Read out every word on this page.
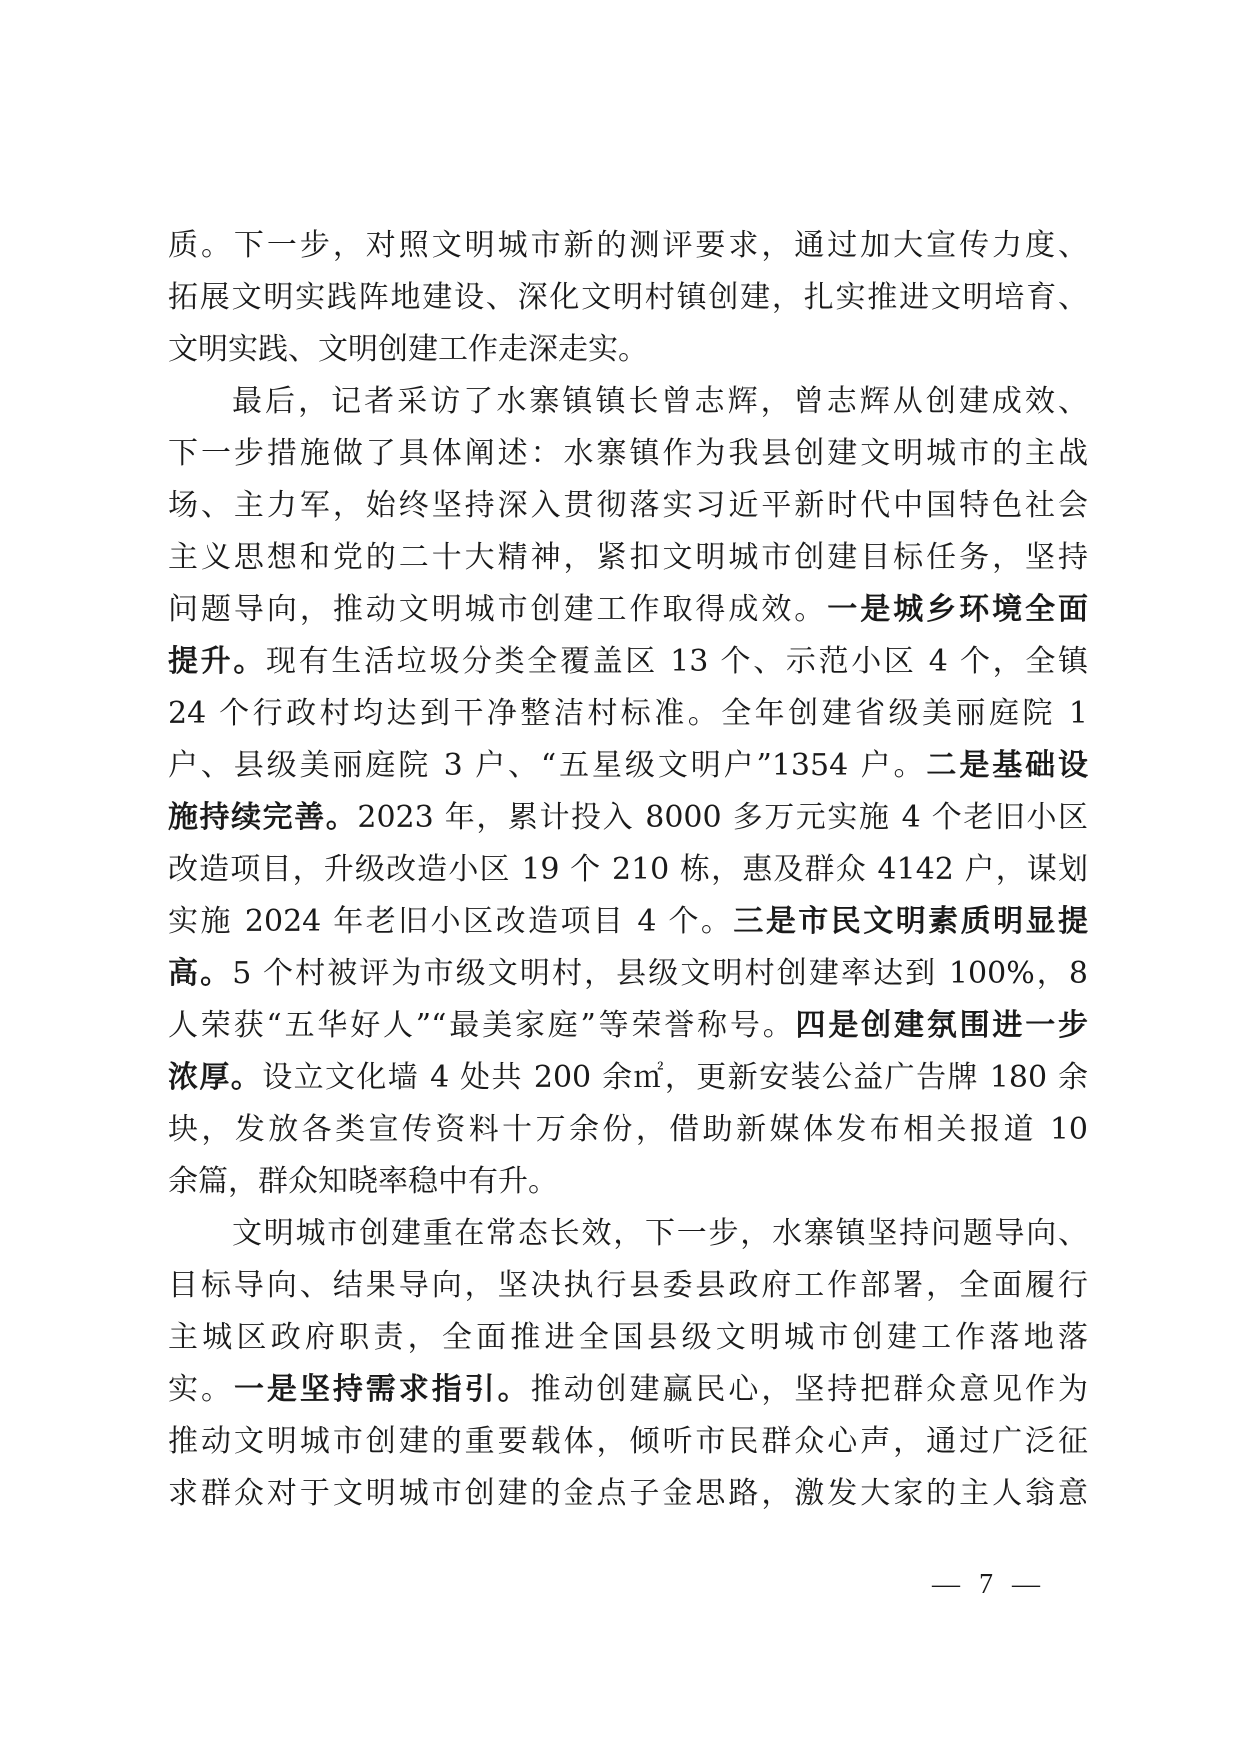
质。下一步，对照文明城市新的测评要求，通过加大宣传力度、
拓展文明实践阵地建设、深化文明村镇创建，扎实推进文明培育、
文明实践、文明创建工作走深走实。
最后，记者采访了水寨镇镇长曾志辉，曾志辉从创建成效、
下一步措施做了具体阐述：水寨镇作为我县创建文明城市的主战
场、主力军，始终坚持深入贯彻落实习近平新时代中国特色社会
主义思想和党的二十大精神，紧扣文明城市创建目标任务，坚持
问题导向，推动文明城市创建工作取得成效。一是城乡环境全面
提升。现有生活垃圾分类全覆盖区 13 个、示范小区 4 个，全镇
24 个行政村均达到干净整洁村标准。全年创建省级美丽庭院 1
户、县级美丽庭院 3 户、“五星级文明户”1354 户。二是基础设
施持续完善。2023 年，累计投入 8000 多万元实施 4 个老旧小区
改造项目，升级改造小区 19 个 210 栋，惠及群众 4142 户，谋划
实施 2024 年老旧小区改造项目 4 个。三是市民文明素质明显提
高。5 个村被评为市级文明村，县级文明村创建率达到 100%，8
人荣获“五华好人”“最美家庭”等荣誉称号。四是创建氛围进一步
浓厚。设立文化墙 4 处共 200 余㎡，更新安装公益广告牌 180 余
块，发放各类宣传资料十万余份，借助新媒体发布相关报道 10
余篇，群众知晓率稳中有升。
文明城市创建重在常态长效，下一步，水寨镇坚持问题导向、
目标导向、结果导向，坚决执行县委县政府工作部署，全面履行
主城区政府职责，全面推进全国县级文明城市创建工作落地落
实。一是坚持需求指引。推动创建赢民心，坚持把群众意见作为
推动文明城市创建的重要载体，倾听市民群众心声，通过广泛征
求群众对于文明城市创建的金点子金思路，激发大家的主人翁意
— 7 —
